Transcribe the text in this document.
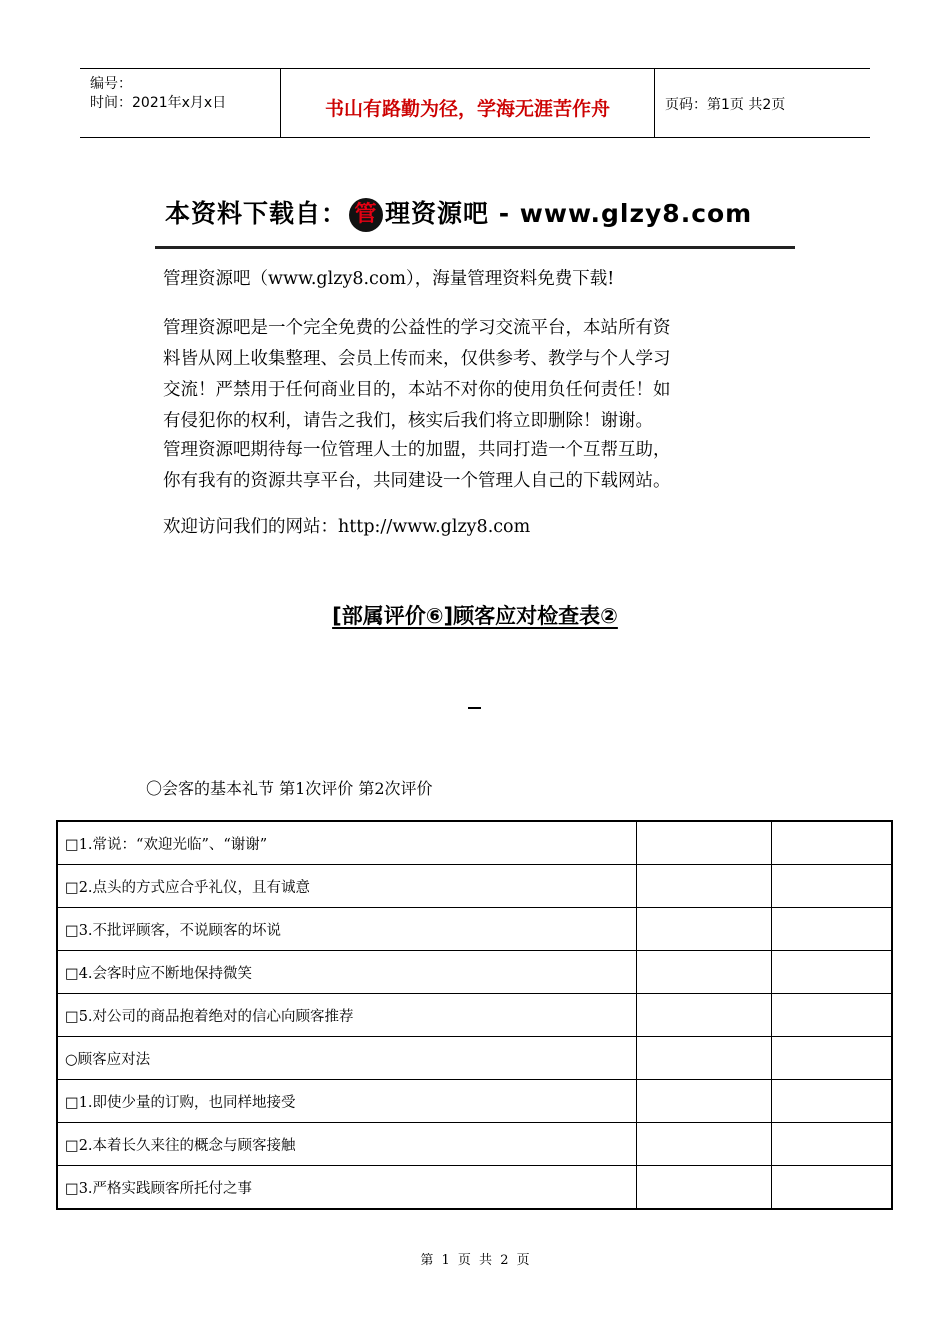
编号：
时间：2021年x月x日	书山有路勤为径，学海无涯苦作舟	页码：第1页 共2页
本资料下载自： 管 理资源吧 - www.glzy8.com
管理资源吧（www.glzy8.com），海量管理资料免费下载!
管理资源吧是一个完全免费的公益性的学习交流平台，本站所有资
料皆从网上收集整理、会员上传而来，仅供参考、教学与个人学习
交流！严禁用于任何商业目的，本站不对你的使用负任何责任！如
有侵犯你的权利，请告之我们，核实后我们将立即删除！谢谢。
管理资源吧期待每一位管理人士的加盟，共同打造一个互帮互助，
你有我有的资源共享平台，共同建设一个管理人自己的下载网站。
欢迎访问我们的网站：http://www.glzy8.com
[部属评价⑥]顾客应对检查表②
〇会客的基本礼节 第1次评价 第2次评价
□1.常说：“欢迎光临”、“谢谢”		
□2.点头的方式应合乎礼仪，且有诚意		
□3.不批评顾客，不说顾客的坏说		
□4.会客时应不断地保持微笑		
□5.对公司的商品抱着绝对的信心向顾客推荐		
○顾客应对法		
□1.即使少量的订购，也同样地接受		
□2.本着长久来往的概念与顾客接触		
□3.严格实践顾客所托付之事		
第 1 页 共 2 页
